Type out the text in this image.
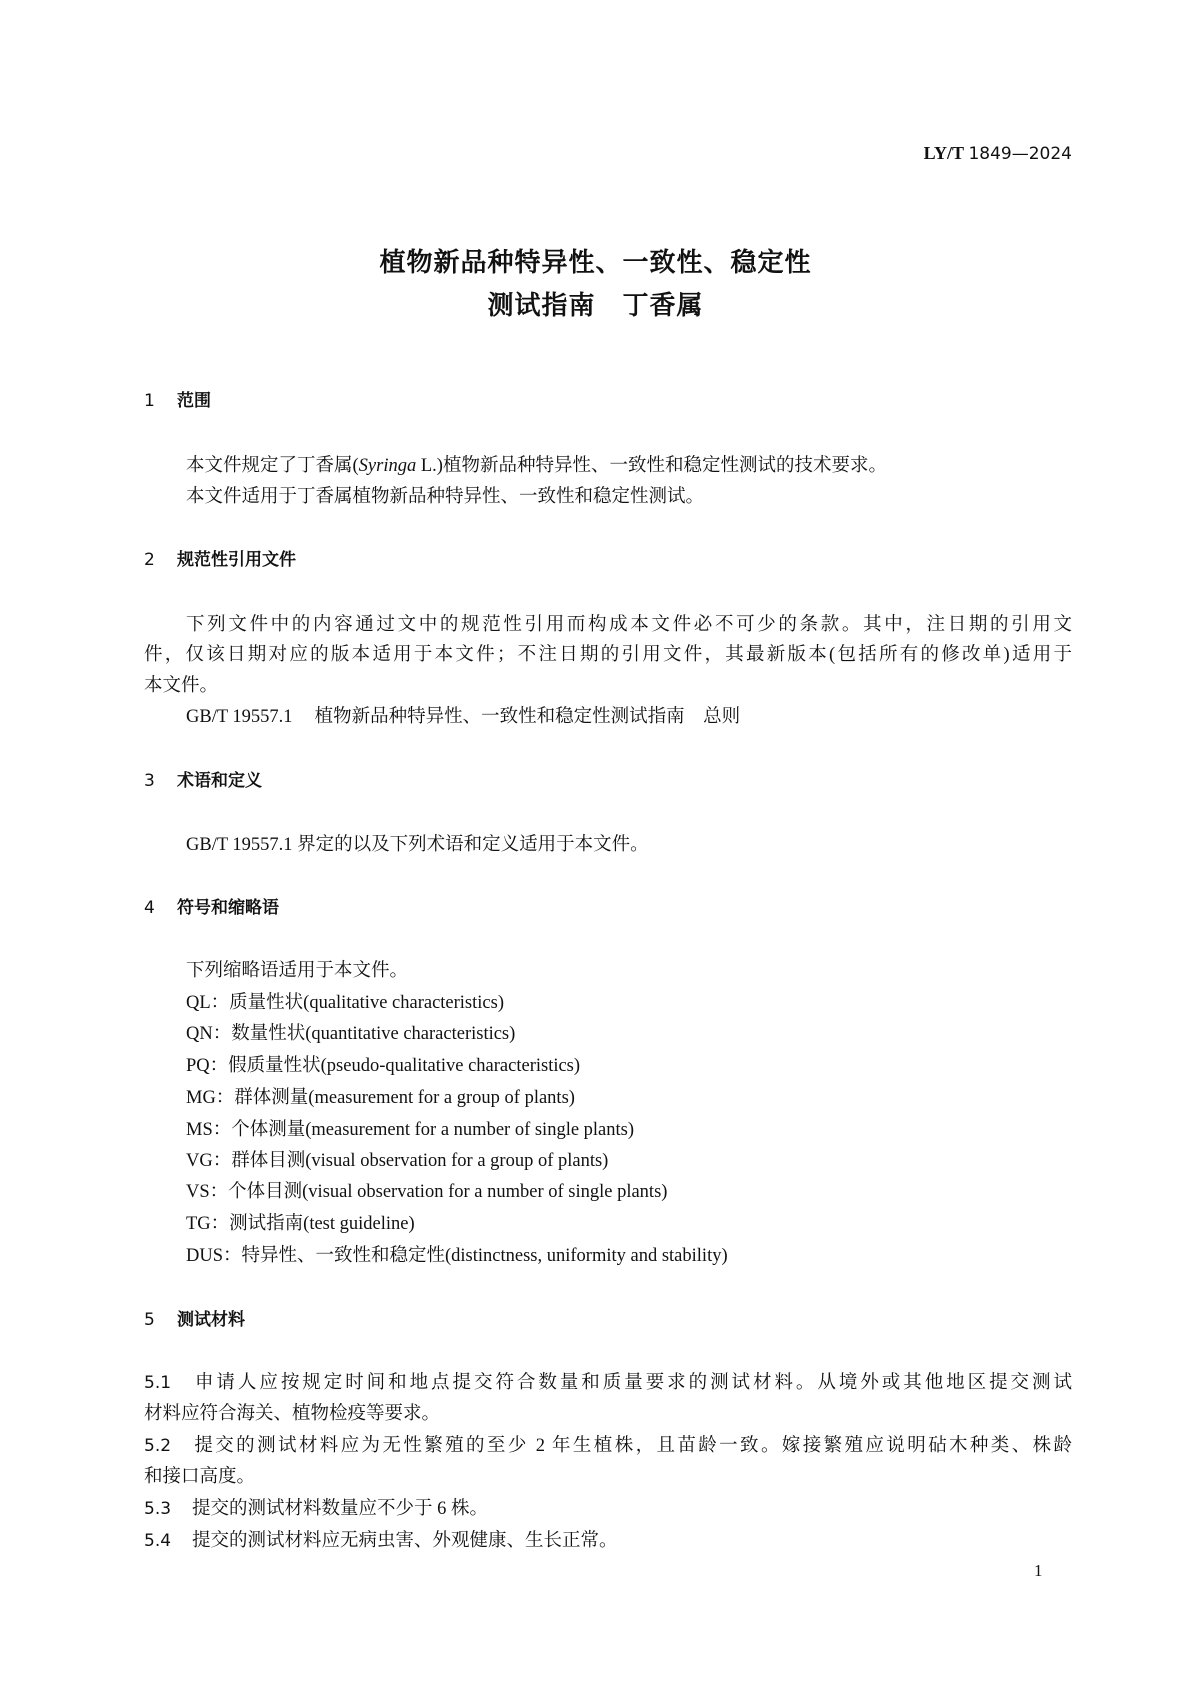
LY/T 1849—2024
植物新品种特异性、一致性、稳定性
测试指南　丁香属
1 范围
本文件规定了丁香属(Syringa L.)植物新品种特异性、一致性和稳定性测试的技术要求。
本文件适用于丁香属植物新品种特异性、一致性和稳定性测试。
2 规范性引用文件
下列文件中的内容通过文中的规范性引用而构成本文件必不可少的条款。其中，注日期的引用文
件，仅该日期对应的版本适用于本文件；不注日期的引用文件，其最新版本(包括所有的修改单)适用于
本文件。
GB/T 19557.1 植物新品种特异性、一致性和稳定性测试指南　总则
3 术语和定义
GB/T 19557.1 界定的以及下列术语和定义适用于本文件。
4 符号和缩略语
下列缩略语适用于本文件。
QL：质量性状(qualitative characteristics)
QN：数量性状(quantitative characteristics)
PQ：假质量性状(pseudo-qualitative characteristics)
MG：群体测量(measurement for a group of plants)
MS：个体测量(measurement for a number of single plants)
VG：群体目测(visual observation for a group of plants)
VS：个体目测(visual observation for a number of single plants)
TG：测试指南(test guideline)
DUS：特异性、一致性和稳定性(distinctness, uniformity and stability)
5 测试材料
5.1 申请人应按规定时间和地点提交符合数量和质量要求的测试材料。从境外或其他地区提交测试
材料应符合海关、植物检疫等要求。
5.2 提交的测试材料应为无性繁殖的至少 2 年生植株，且苗龄一致。嫁接繁殖应说明砧木种类、株龄
和接口高度。
5.3 提交的测试材料数量应不少于 6 株。
5.4 提交的测试材料应无病虫害、外观健康、生长正常。
1
